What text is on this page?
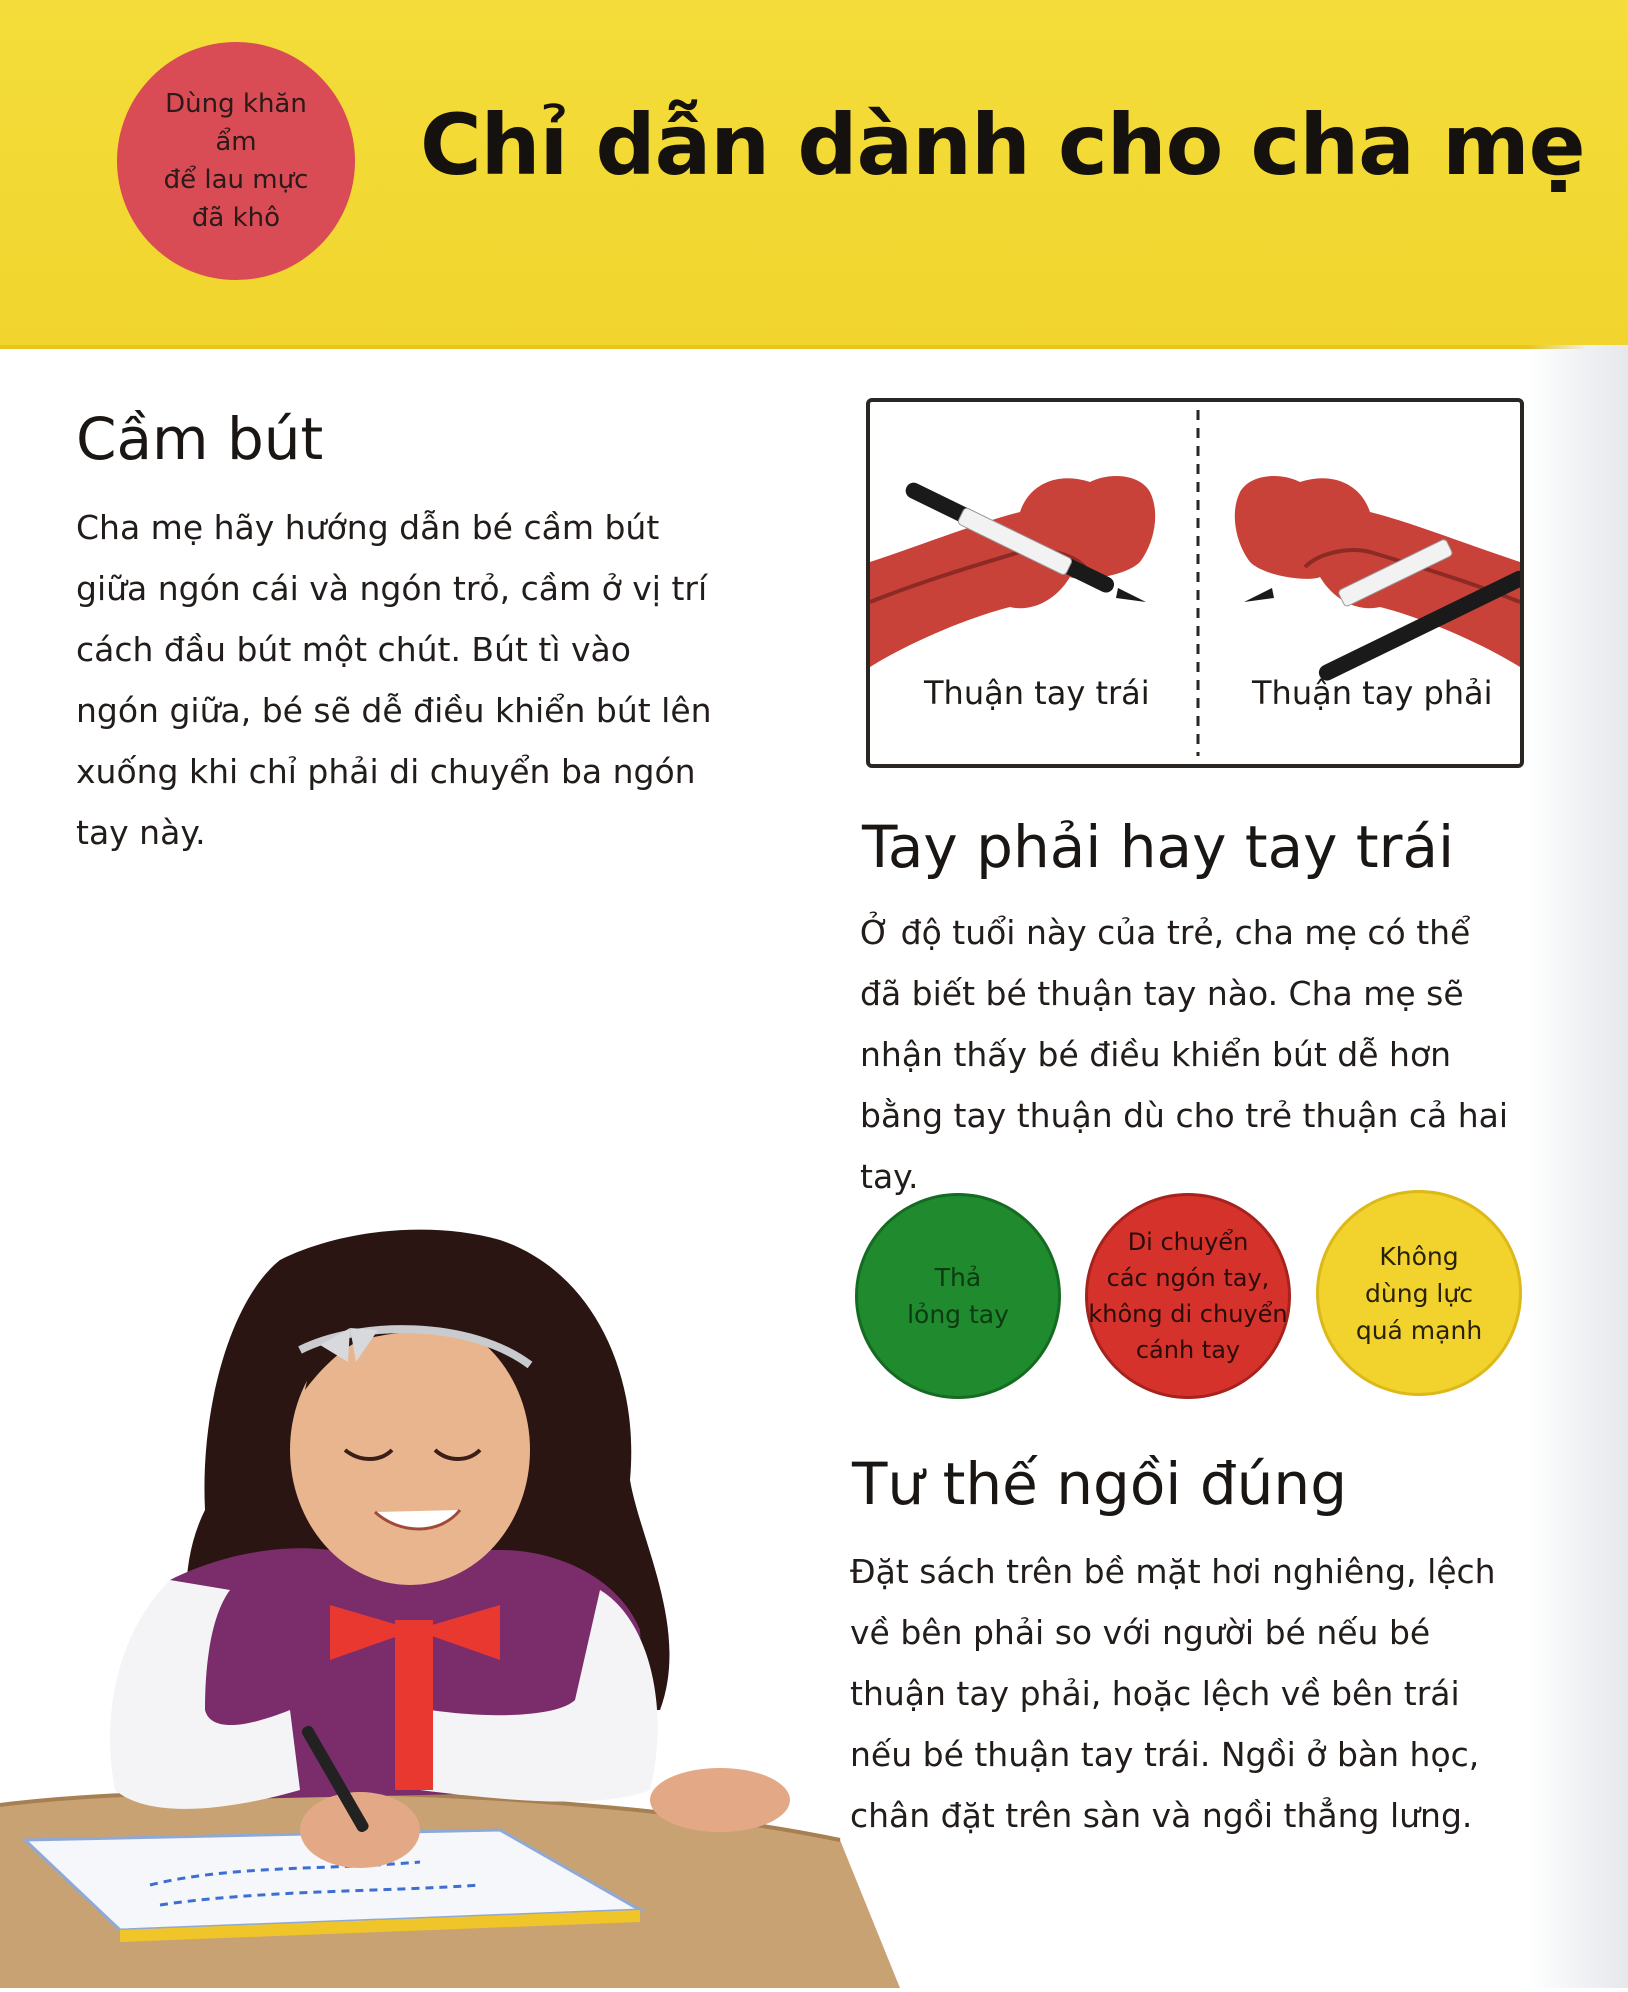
Dùng khăn ẩm
để lau mực
đã khô
Chỉ dẫn dành cho cha mẹ
Cầm bút

Cha mẹ hãy hướng dẫn bé cầm bút giữa ngón cái và ngón trỏ, cầm ở vị trí cách đầu bút một chút. Bút tì vào ngón giữa, bé sẽ dễ điều khiển bút lên xuống khi chỉ phải di chuyển ba ngón tay này.

Thuận tay trái	Thuận tay phải
Tay phải hay tay trái

Ở độ tuổi này của trẻ, cha mẹ có thể đã biết bé thuận tay nào. Cha mẹ sẽ nhận thấy bé điều khiển bút dễ hơn bằng tay thuận dù cho trẻ thuận cả hai tay.

Thả
lỏng tay
Di chuyển
các ngón tay,
không di chuyển
cánh tay
Không
dùng lực
quá mạnh
Tư thế ngồi đúng

Đặt sách trên bề mặt hơi nghiêng, lệch về bên phải so với người bé nếu bé thuận tay phải, hoặc lệch về bên trái nếu bé thuận tay trái. Ngồi ở bàn học, chân đặt trên sàn và ngồi thẳng lưng.
